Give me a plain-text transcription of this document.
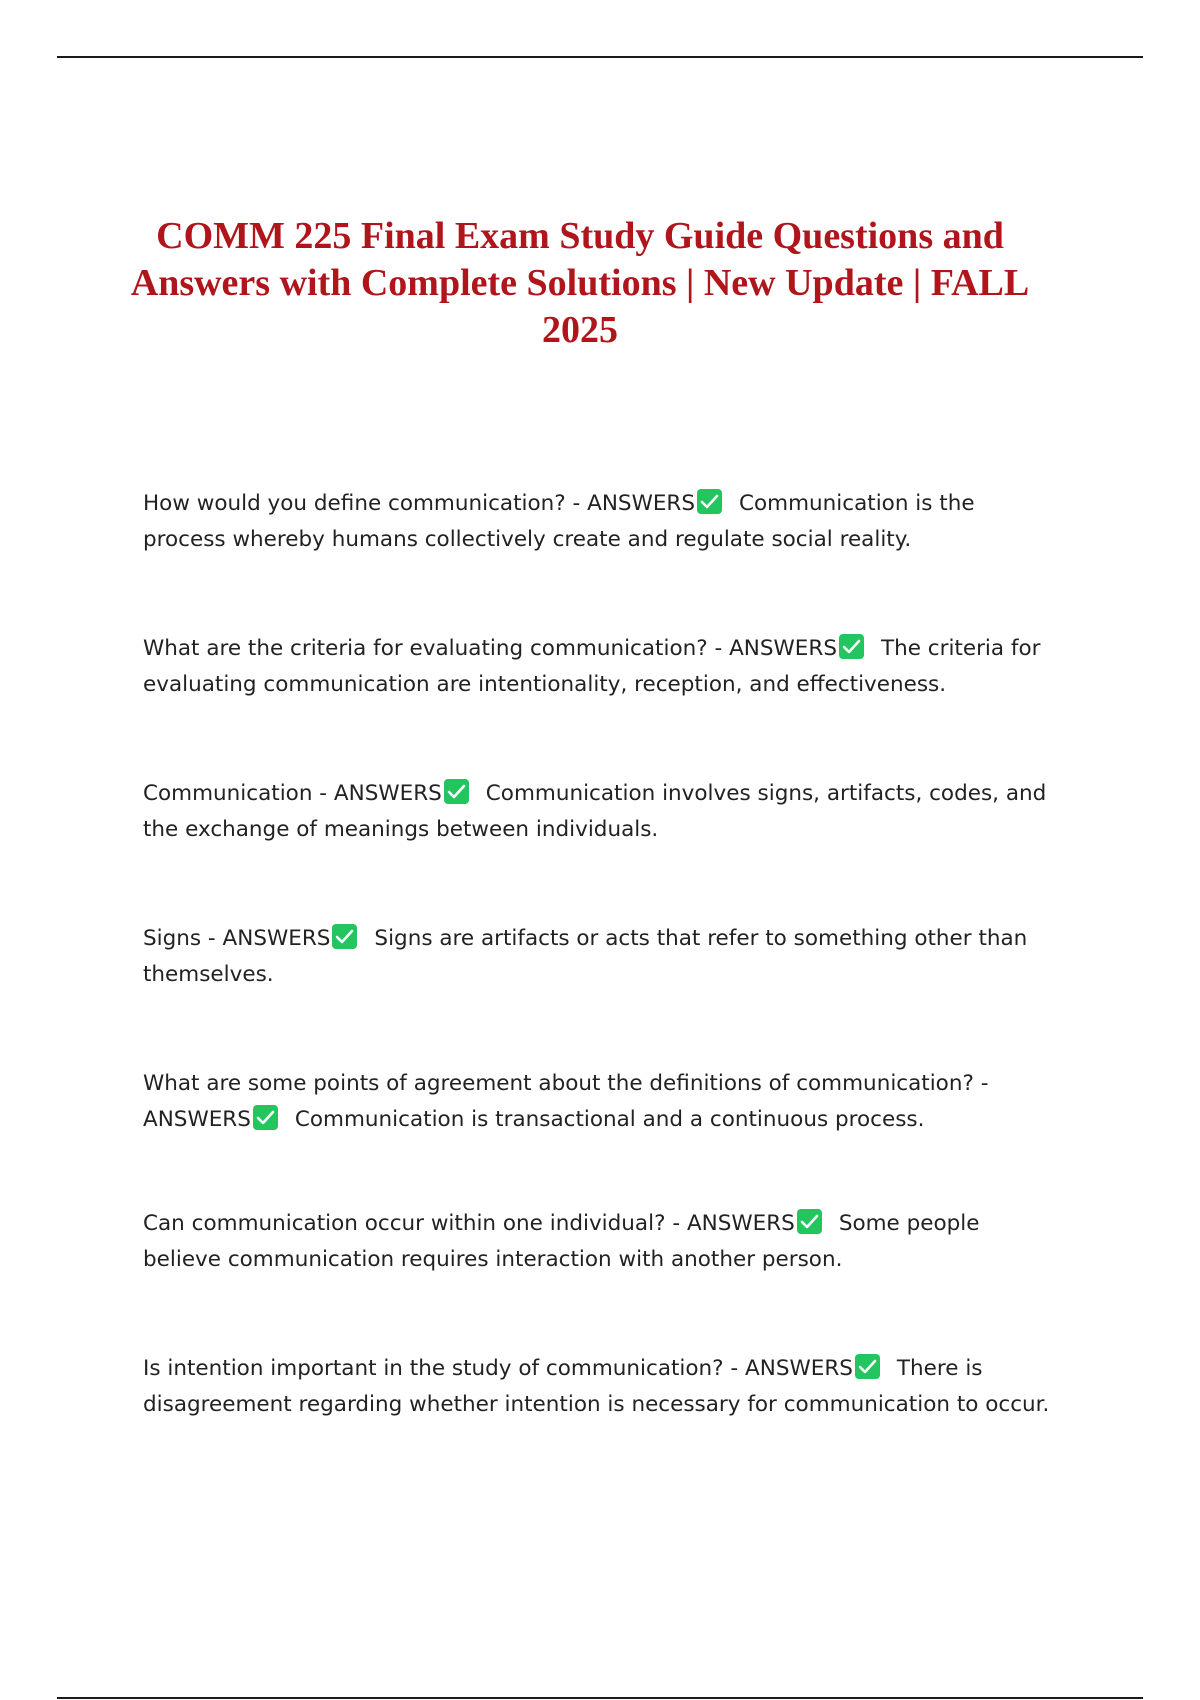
COMM 225 Final Exam Study Guide Questions and Answers with Complete Solutions | New Update | FALL 2025

How would you define communication? - ANSWERS Communication is the process whereby humans collectively create and regulate social reality.

What are the criteria for evaluating communication? - ANSWERS The criteria for evaluating communication are intentionality, reception, and effectiveness.

Communication - ANSWERS Communication involves signs, artifacts, codes, and the exchange of meanings between individuals.

Signs - ANSWERS Signs are artifacts or acts that refer to something other than themselves.

What are some points of agreement about the definitions of communication? - ANSWERS Communication is transactional and a continuous process.

Can communication occur within one individual? - ANSWERS Some people believe communication requires interaction with another person.

Is intention important in the study of communication? - ANSWERS There is disagreement regarding whether intention is necessary for communication to occur.
